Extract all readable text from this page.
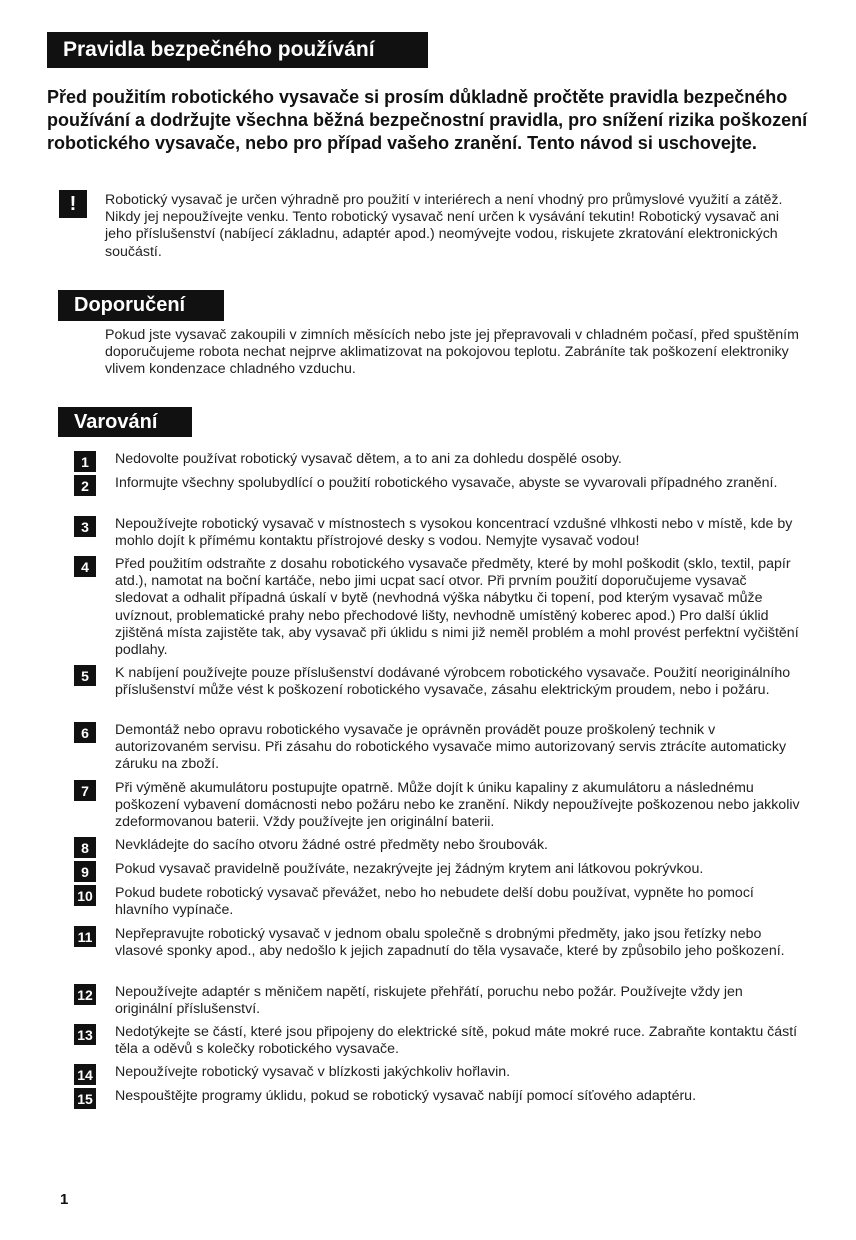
Pravidla bezpečného používání
Před použitím robotického vysavače si prosím důkladně pročtěte pravidla bezpečného používání a dodržujte všechna běžná bezpečnostní pravidla, pro snížení rizika poškození robotického vysavače, nebo pro případ vašeho zranění. Tento návod si uschovejte.
!	Robotický vysavač je určen výhradně pro použití v interiérech a není vhodný pro průmyslové využití a zátěž. Nikdy jej nepoužívejte venku. Tento robotický vysavač není určen k vysávání tekutin! Robotický vysavač ani jeho příslušenství (nabíjecí základnu, adaptér apod.) neomývejte vodou, riskujete zkratování elektronických součástí.
Doporučení
Pokud jste vysavač zakoupili v zimních měsících nebo jste jej přepravovali v chladném počasí, před spuštěním doporučujeme robota nechat nejprve aklimatizovat na pokojovou teplotu. Zabráníte tak poškození elektroniky vlivem kondenzace chladného vzduchu.
Varování
1	Nedovolte používat robotický vysavač dětem, a to ani za dohledu dospělé osoby.
2	Informujte všechny spolubydlící o použití robotického vysavače, abyste se vyvarovali případného zranění.
3	Nepoužívejte robotický vysavač v místnostech s vysokou koncentrací vzdušné vlhkosti nebo v místě, kde by mohlo dojít k přímému kontaktu přístrojové desky s vodou. Nemyjte vysavač vodou!
4	Před použitím odstraňte z dosahu robotického vysavače předměty, které by mohl poškodit (sklo, textil, papír atd.), namotat na boční kartáče, nebo jimi ucpat sací otvor. Při prvním použití doporučujeme vysavač sledovat a odhalit případná úskalí v bytě (nevhodná výška nábytku či topení, pod kterým vysavač může uvíznout, problematické prahy nebo přechodové lišty, nevhodně umístěný koberec apod.) Pro další úklid zjištěná místa zajistěte tak, aby vysavač při úklidu s nimi již neměl problém a mohl provést perfektní vyčištění podlahy.
5	K nabíjení používejte pouze příslušenství dodávané výrobcem robotického vysavače. Použití neoriginálního příslušenství může vést k poškození robotického vysavače, zásahu elektrickým proudem, nebo i požáru.
6	Demontáž nebo opravu robotického vysavače je oprávněn provádět pouze proškolený technik v autorizovaném servisu. Při zásahu do robotického vysavače mimo autorizovaný servis ztrácíte automaticky záruku na zboží.
7	Při výměně akumulátoru postupujte opatrně. Může dojít k úniku kapaliny z akumulátoru a následnému poškození vybavení domácnosti nebo požáru nebo ke zranění. Nikdy nepoužívejte poškozenou nebo jakkoliv zdeformovanou baterii. Vždy používejte jen originální baterii.
8	Nevkládejte do sacího otvoru žádné ostré předměty nebo šroubovák.
9	Pokud vysavač pravidelně používáte, nezakrývejte jej žádným krytem ani látkovou pokrývkou.
10 Pokud budete robotický vysavač převážet, nebo ho nebudete delší dobu používat, vypněte ho pomocí hlavního vypínače.
11 Nepřepravujte robotický vysavač v jednom obalu společně s drobnými předměty, jako jsou řetízky nebo vlasové sponky apod., aby nedošlo k jejich zapadnutí do těla vysavače, které by způsobilo jeho poškození.
12 Nepoužívejte adaptér s měničem napětí, riskujete přehřátí, poruchu nebo požár. Používejte vždy jen originální příslušenství.
13 Nedotýkejte se částí, které jsou připojeny do elektrické sítě, pokud máte mokré ruce. Zabraňte kontaktu částí těla a oděvů s kolečky robotického vysavače.
14 Nepoužívejte robotický vysavač v blízkosti jakýchkoliv hořlavin.
15 Nespouštějte programy úklidu, pokud se robotický vysavač nabíjí pomocí síťového adaptéru.
1
